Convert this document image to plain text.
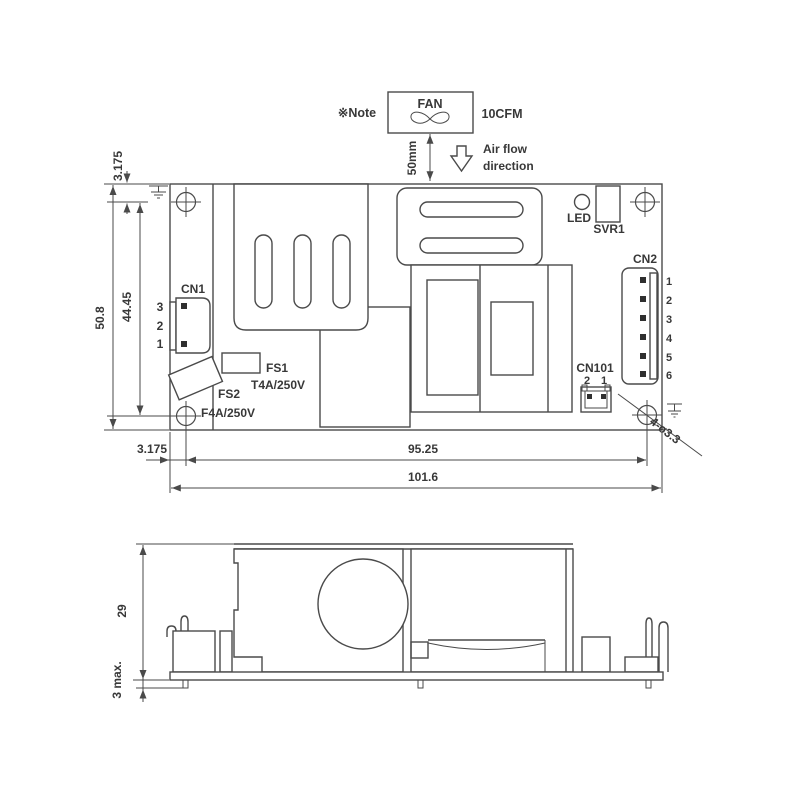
※Note
FAN
10CFM
50mm	Air flow
direction
CN1
3
2
1
FS2
F4A/250V
FS1
T4A/250V
LED
SVR1
CN2
1
2
3
4
5
6
CN101
2 1
4-ø3.3
3.175
50.8 44.45
3.175	95.25
101.6
29
3 max.
